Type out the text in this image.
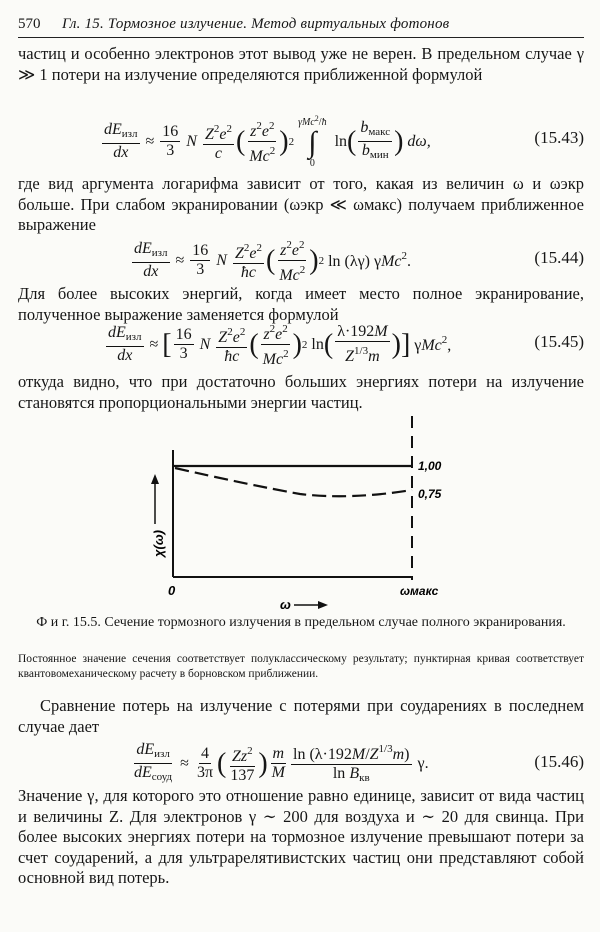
570 Гл. 15. Тормозное излучение. Метод виртуальных фотонов

частиц и особенно электронов этот вывод уже не верен. В предельном случае γ ≫ 1 потери на излучение определяются приближенной формулой

$\frac{dE_{изл}}{dx} \approx \frac{16}{3}$ N $\frac{Z^2e^2}{c}$ ( $\frac{z^2e^2}{Mc^2}$ ) 2
γMc$^2$/ħ
∫
0
ln ( $\frac{b_{макс}}{b_{мин}}$ ) dω,	(15.43)

где вид аргумента логарифма зависит от того, какая из величин ω и ωэкр больше. При слабом экранировании (ωэкр ≪ ωмакс) получаем приближенное выражение

$\frac{dE_{изл}}{dx} \approx \frac{16}{3}$ N $\frac{Z^2e^2}{ħc}$ ( $\frac{z^2e^2}{Mc^2}$ ) 2 ln (λγ) γMc$^2$.	(15.44)

Для более высоких энергий, когда имеет место полное экранирование, полученное выражение заменяется формулой

$\frac{dE_{изл}}{dx}$ ≈ [ $\frac{16}{3}$ N $\frac{Z^2e^2}{ħc}$ ( $\frac{z^2e^2}{Mc^2}$ ) 2 ln ( $\frac{\lambda\cdot 192M}{Z^{1/3}m}$ ) ] γMc$^2$,	(15.45)

откуда видно, что при достаточно больших энергиях потери на излучение становятся пропорциональными энергии частиц.

χ(ω)
1,00
0,75
0	ωмакс
ω
Ф и г. 15.5. Сечение тормозного излучения в предельном случае полного экранирования.
Постоянное значение сечения соответствует полуклассическому результату; пунктирная кривая соответствует квантовомеханическому расчету в борновском приближении.

Сравнение потерь на излучение с потерями при соударениях в последнем случае дает

$\frac{dE_{изл}}{dE_{соуд}} \approx \frac{4}{3\pi}$ ( $\frac{Zz^2}{137}$ ) $\frac{m}{M} \frac{\ln (\lambda\cdot 192M/Z^{1/3}m)}{\ln B_{кв}} \gamma$.	(15.46)

Значение γ, для которого это отношение равно единице, зависит от вида частиц и величины Z. Для электронов γ ∼ 200 для воздуха и ∼ 20 для свинца. При более высоких энергиях потери на тормозное излучение превышают потери за счет соударений, а для ультрарелятивистских частиц они представляют собой основной вид потерь.
